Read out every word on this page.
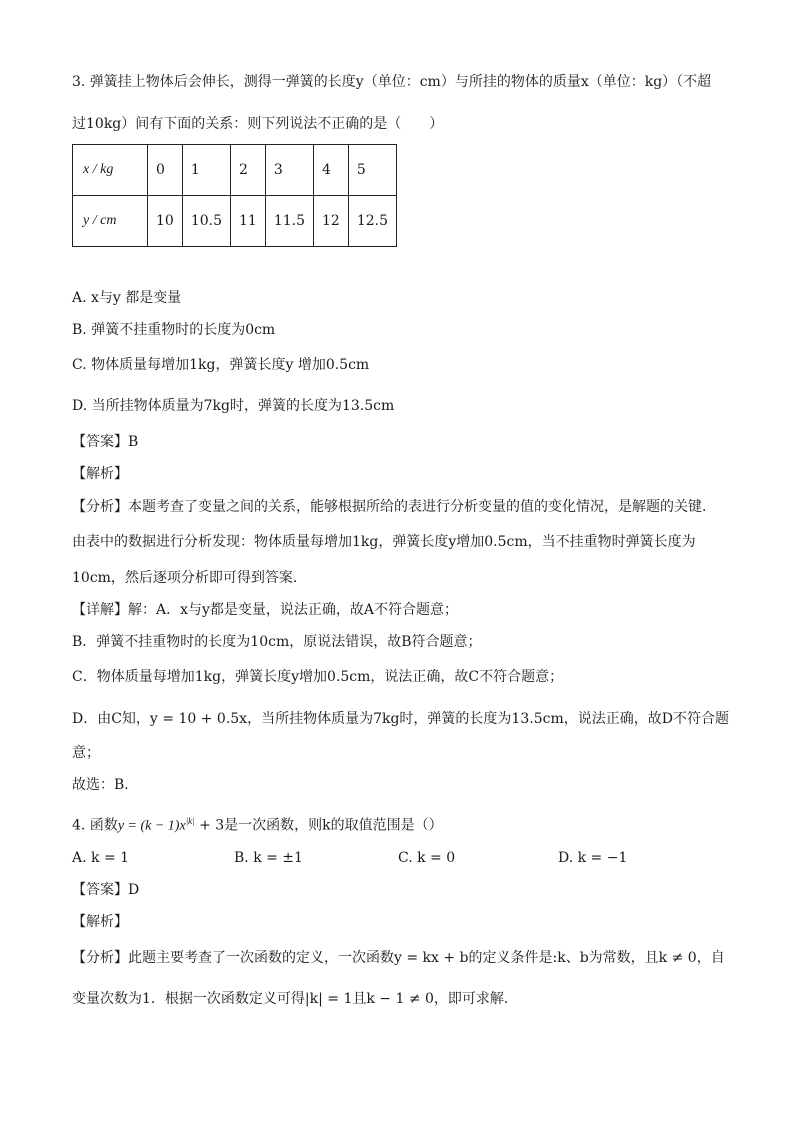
3. 弹簧挂上物体后会伸长，测得一弹簧的长度y（单位：cm）与所挂的物体的质量x（单位：kg）（不超
过10kg）间有下面的关系：则下列说法不正确的是（　　）
x / kg	0	1	2	3	4	5
y / cm	10	10.5	11	11.5	12	12.5
A. x与y 都是变量
B. 弹簧不挂重物时的长度为0cm
C. 物体质量每增加1kg，弹簧长度y 增加0.5cm
D. 当所挂物体质量为7kg时，弹簧的长度为13.5cm
【答案】B
【解析】
【分析】本题考查了变量之间的关系，能够根据所给的表进行分析变量的值的变化情况，是解题的关键．
由表中的数据进行分析发现：物体质量每增加1kg，弹簧长度y增加0.5cm，当不挂重物时弹簧长度为
10cm，然后逐项分析即可得到答案．
【详解】解：A．x与y都是变量，说法正确，故A不符合题意；
B．弹簧不挂重物时的长度为10cm，原说法错误，故B符合题意；
C．物体质量每增加1kg，弹簧长度y增加0.5cm，说法正确，故C不符合题意；
D．由C知，y = 10 + 0.5x，当所挂物体质量为7kg时，弹簧的长度为13.5cm，说法正确，故D不符合题
意；
故选：B．
4. 函数$y = (k - 1)x^{|k|} + 3$是一次函数，则k的取值范围是（）
A. k = 1	B. k = ±1	C. k = 0	D. k = −1
【答案】D
【解析】
【分析】此题主要考查了一次函数的定义，一次函数y = kx + b的定义条件是:k、b为常数，且k ≠ 0，自
变量次数为1．根据一次函数定义可得|k| = 1且k − 1 ≠ 0，即可求解．
